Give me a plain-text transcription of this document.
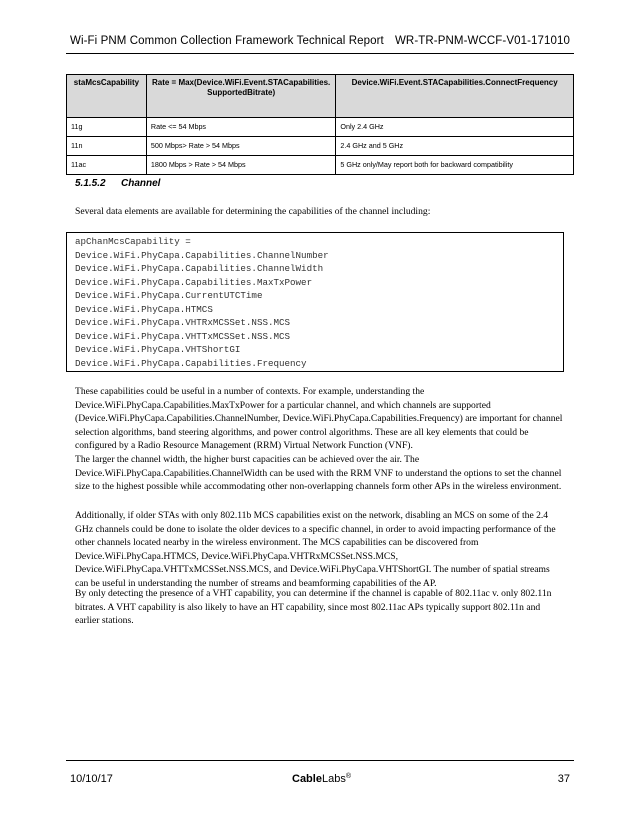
Wi-Fi PNM Common Collection Framework Technical Report WR-TR-PNM-WCCF-V01-171010
staMcsCapability	Rate = Max(Device.WiFi.Event.STACapabilities. SupportedBitrate)	Device.WiFi.Event.STACapabilities.ConnectFrequency
11g	Rate <= 54 Mbps	Only 2.4 GHz
11n	500 Mbps> Rate > 54 Mbps	2.4 GHz and 5 GHz
11ac	1800 Mbps > Rate > 54 Mbps	5 GHz only/May report both for backward compatibility
5.1.5.2 Channel
Several data elements are available for determining the capabilities of the channel including:
apChanMcsCapability =
Device.WiFi.PhyCapa.Capabilities.ChannelNumber
Device.WiFi.PhyCapa.Capabilities.ChannelWidth
Device.WiFi.PhyCapa.Capabilities.MaxTxPower
Device.WiFi.PhyCapa.CurrentUTCTime
Device.WiFi.PhyCapa.HTMCS
Device.WiFi.PhyCapa.VHTRxMCSSet.NSS.MCS
Device.WiFi.PhyCapa.VHTTxMCSSet.NSS.MCS
Device.WiFi.PhyCapa.VHTShortGI
Device.WiFi.PhyCapa.Capabilities.Frequency
These capabilities could be useful in a number of contexts. For example, understanding the Device.WiFi.PhyCapa.Capabilities.MaxTxPower for a particular channel, and which channels are supported (Device.WiFi.PhyCapa.Capabilities.ChannelNumber, Device.WiFi.PhyCapa.Capabilities.Frequency) are important for channel selection algorithms, band steering algorithms, and power control algorithms. These are all key elements that could be configured by a Radio Resource Management (RRM) Virtual Network Function (VNF).
The larger the channel width, the higher burst capacities can be achieved over the air. The Device.WiFi.PhyCapa.Capabilities.ChannelWidth can be used with the RRM VNF to understand the options to set the channel size to the highest possible while accommodating other non-overlapping channels form other APs in the wireless environment.
Additionally, if older STAs with only 802.11b MCS capabilities exist on the network, disabling an MCS on some of the 2.4 GHz channels could be done to isolate the older devices to a specific channel, in order to avoid impacting performance of the other channels located nearby in the wireless environment. The MCS capabilities can be discovered from Device.WiFi.PhyCapa.HTMCS, Device.WiFi.PhyCapa.VHTRxMCSSet.NSS.MCS, Device.WiFi.PhyCapa.VHTTxMCSSet.NSS.MCS, and Device.WiFi.PhyCapa.VHTShortGI. The number of spatial streams can be useful in understanding the number of streams and beamforming capabilities of the AP.
By only detecting the presence of a VHT capability, you can determine if the channel is capable of 802.11ac v. only 802.11n bitrates. A VHT capability is also likely to have an HT capability, since most 802.11ac APs typically support 802.11n and earlier stations.
10/10/17	CableLabs®	37
